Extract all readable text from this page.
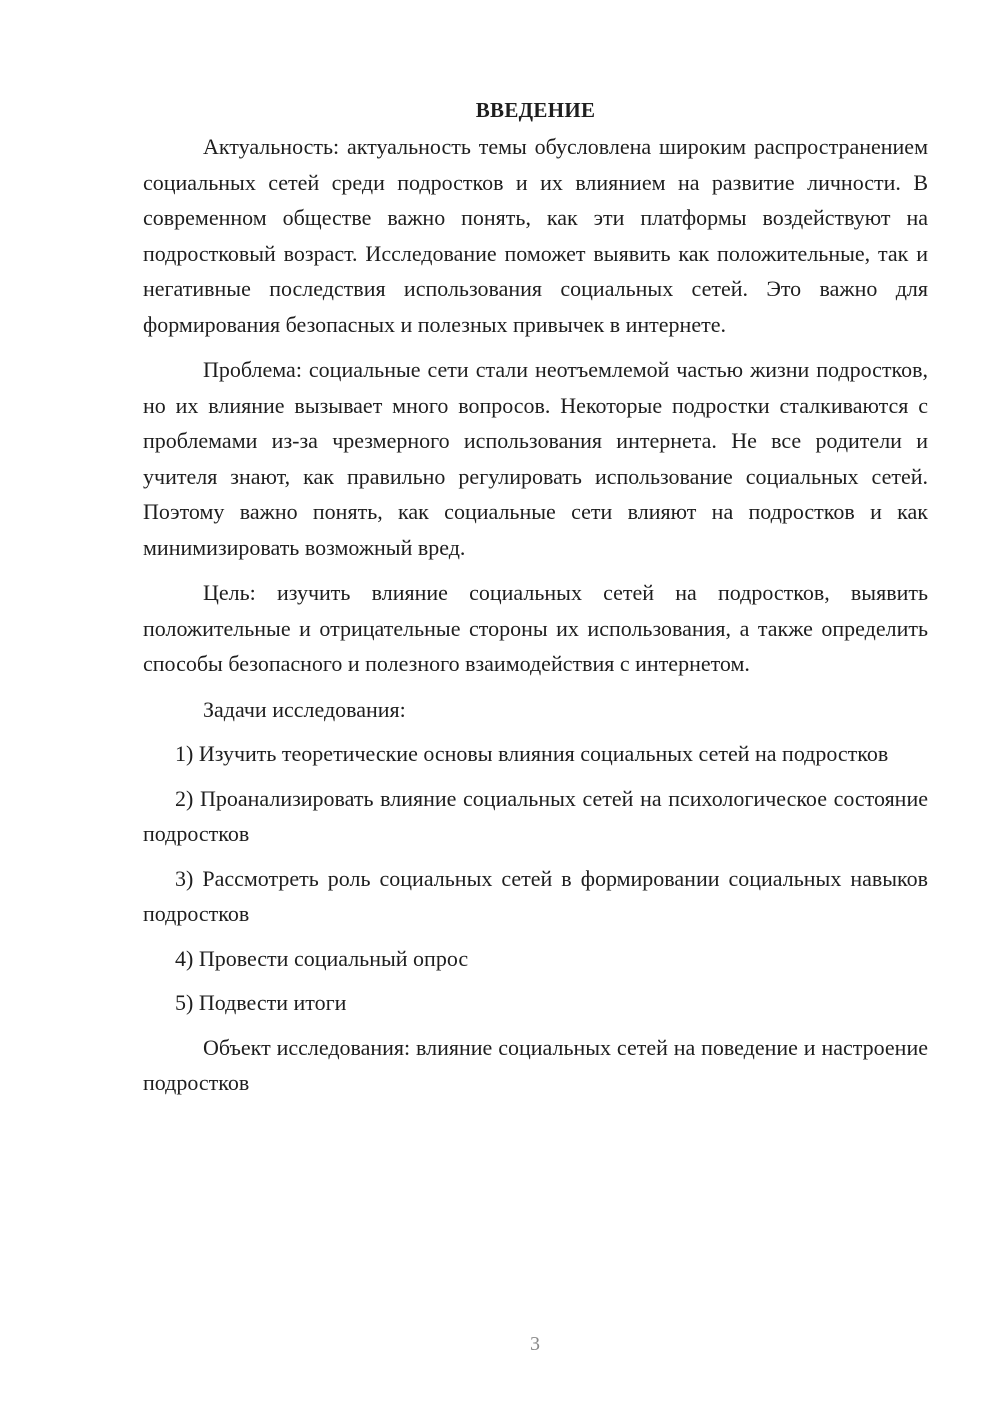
ВВЕДЕНИЕ

Актуальность: актуальность темы обусловлена широким распространением социальных сетей среди подростков и их влиянием на развитие личности. В современном обществе важно понять, как эти платформы воздействуют на подростковый возраст. Исследование поможет выявить как положительные, так и негативные последствия использования социальных сетей. Это важно для формирования безопасных и полезных привычек в интернете.

Проблема: социальные сети стали неотъемлемой частью жизни подростков, но их влияние вызывает много вопросов. Некоторые подростки сталкиваются с проблемами из-за чрезмерного использования интернета. Не все родители и учителя знают, как правильно регулировать использование социальных сетей. Поэтому важно понять, как социальные сети влияют на подростков и как минимизировать возможный вред.

Цель: изучить влияние социальных сетей на подростков, выявить положительные и отрицательные стороны их использования, а также определить способы безопасного и полезного взаимодействия с интернетом.

Задачи исследования:

1) Изучить теоретические основы влияния социальных сетей на подростков

2) Проанализировать влияние социальных сетей на психологическое состояние подростков

3) Рассмотреть роль социальных сетей в формировании социальных навыков подростков

4) Провести социальный опрос

5) Подвести итоги

Объект исследования: влияние социальных сетей на поведение и настроение подростков

3
